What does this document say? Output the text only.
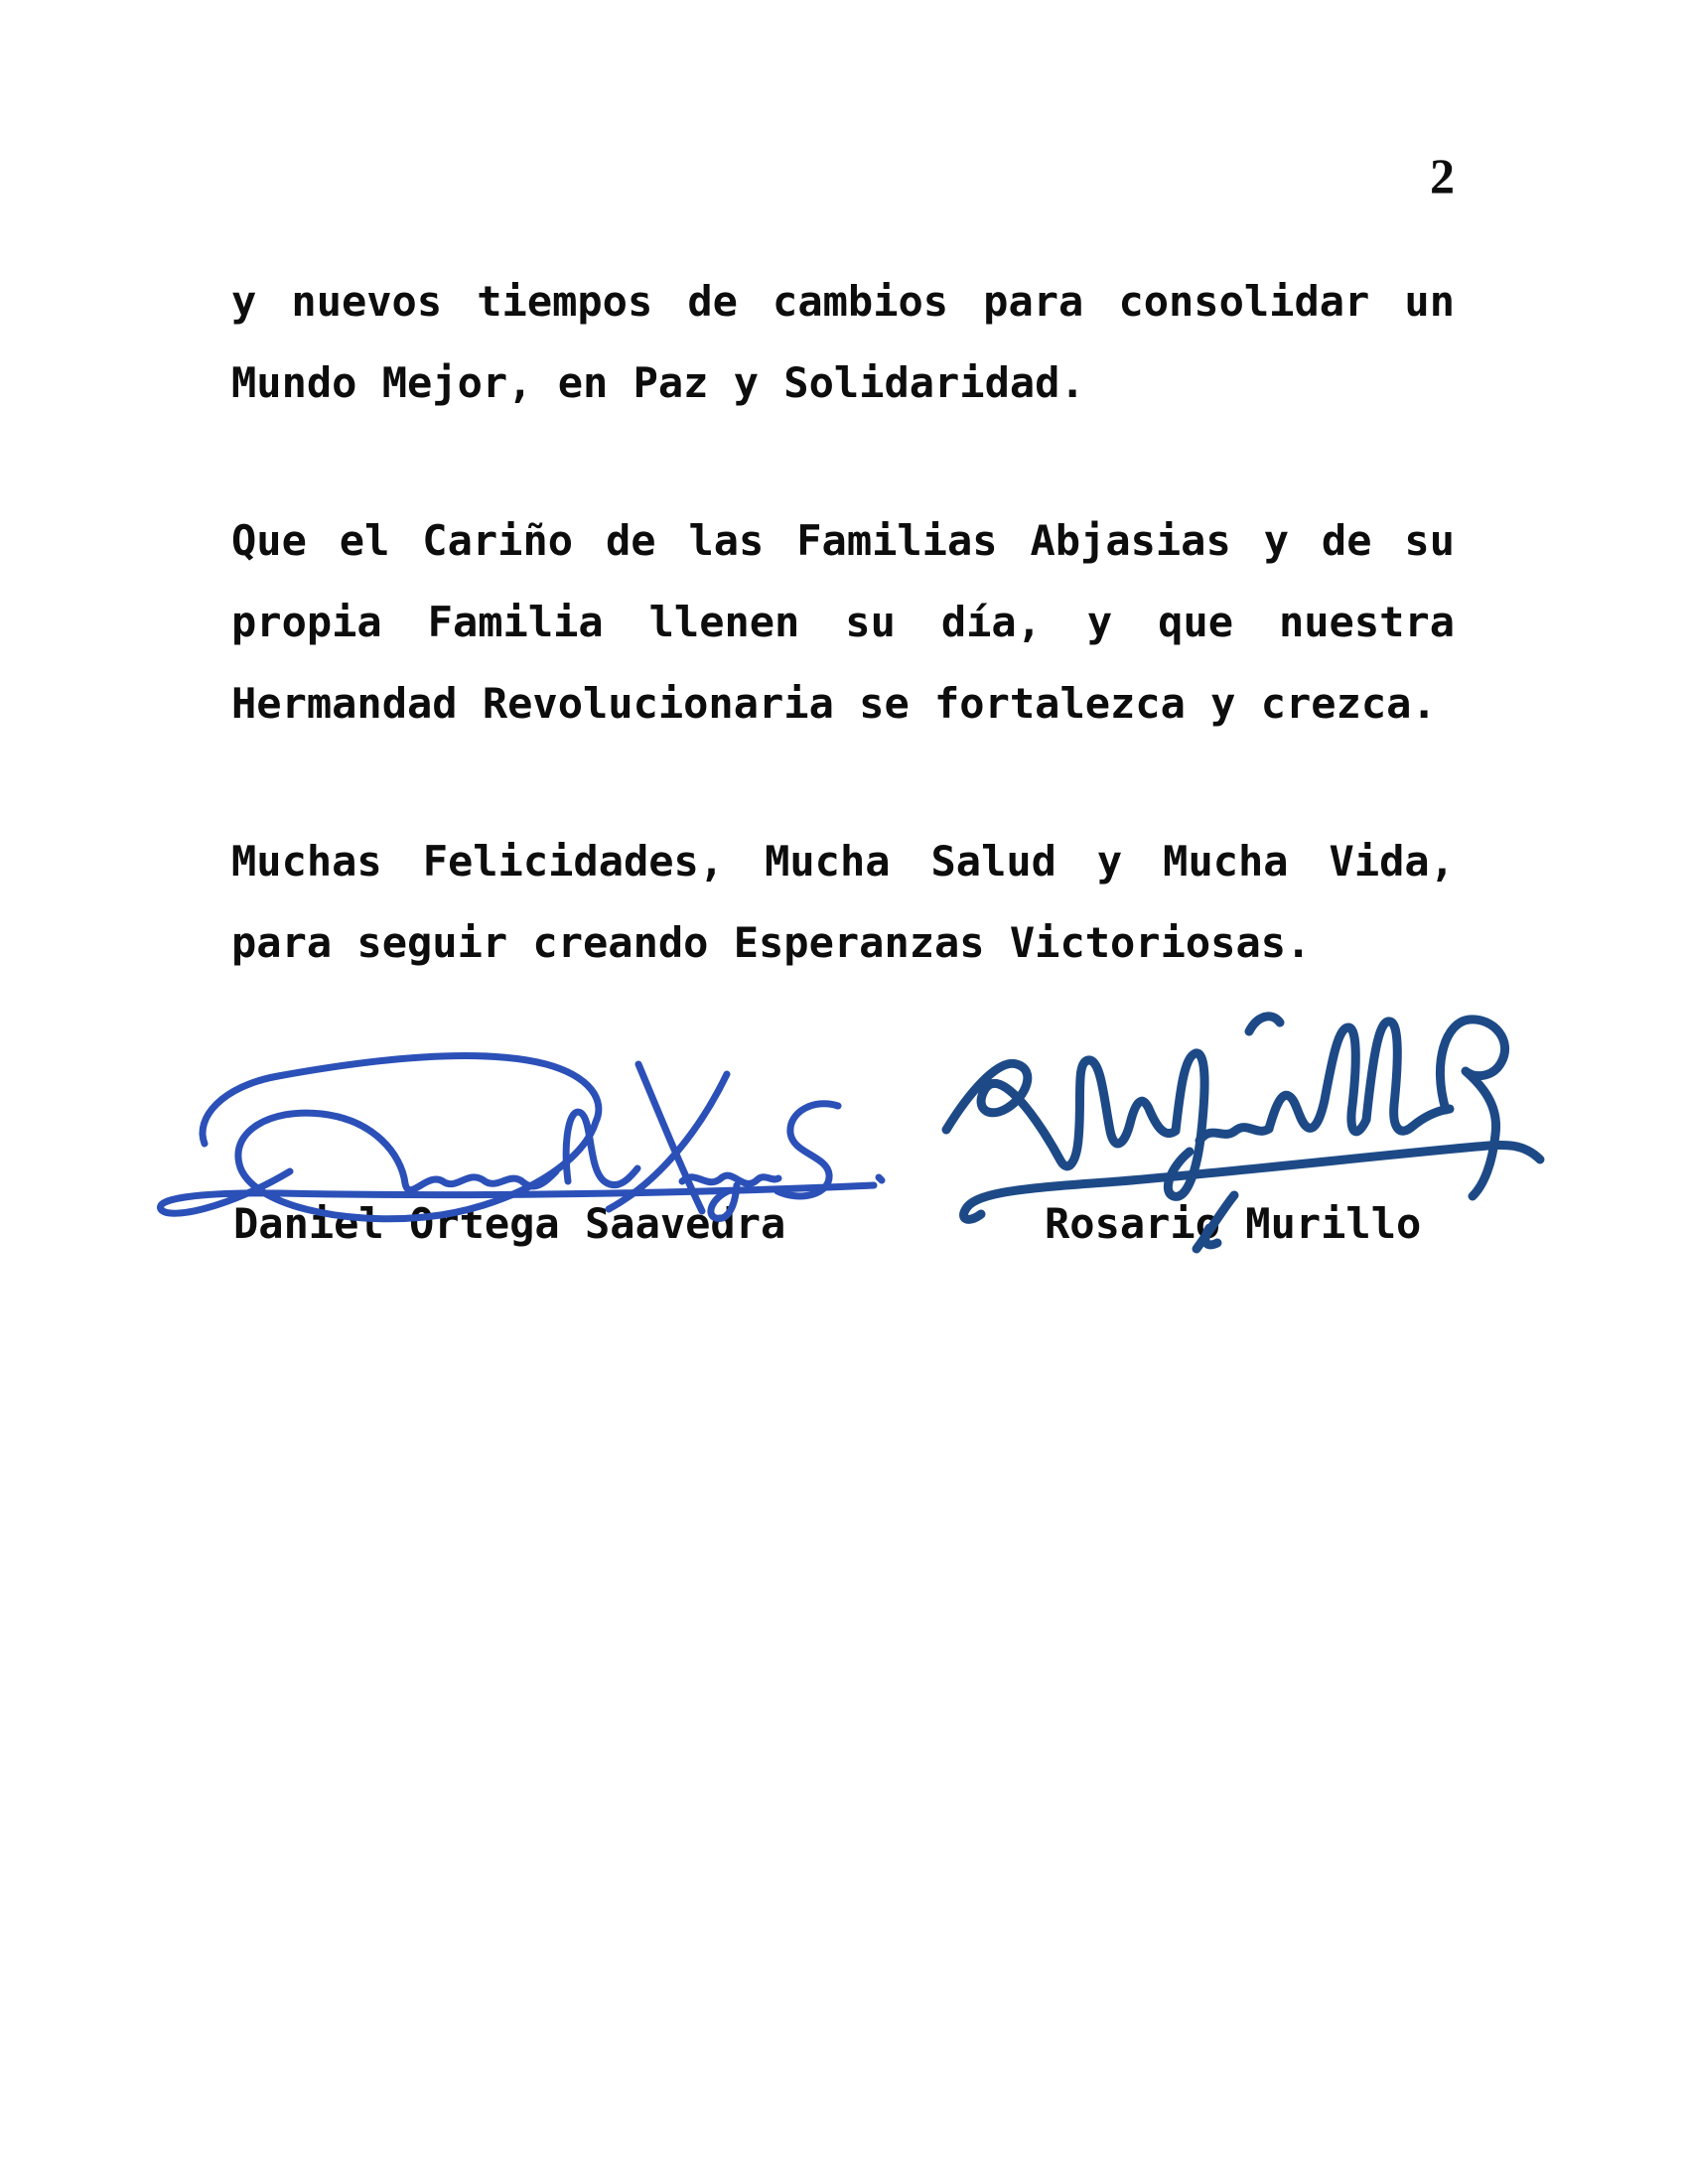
2

y nuevos tiempos de cambios para consolidar un Mundo Mejor, en Paz y Solidaridad.

Que el Cariño de las Familias Abjasias y de su propia Familia llenen su día, y que nuestra Hermandad Revolucionaria se fortalezca y crezca.

Muchas Felicidades, Mucha Salud y Mucha Vida, para seguir creando Esperanzas Victoriosas.

Daniel Ortega Saavedra	Rosario Murillo
